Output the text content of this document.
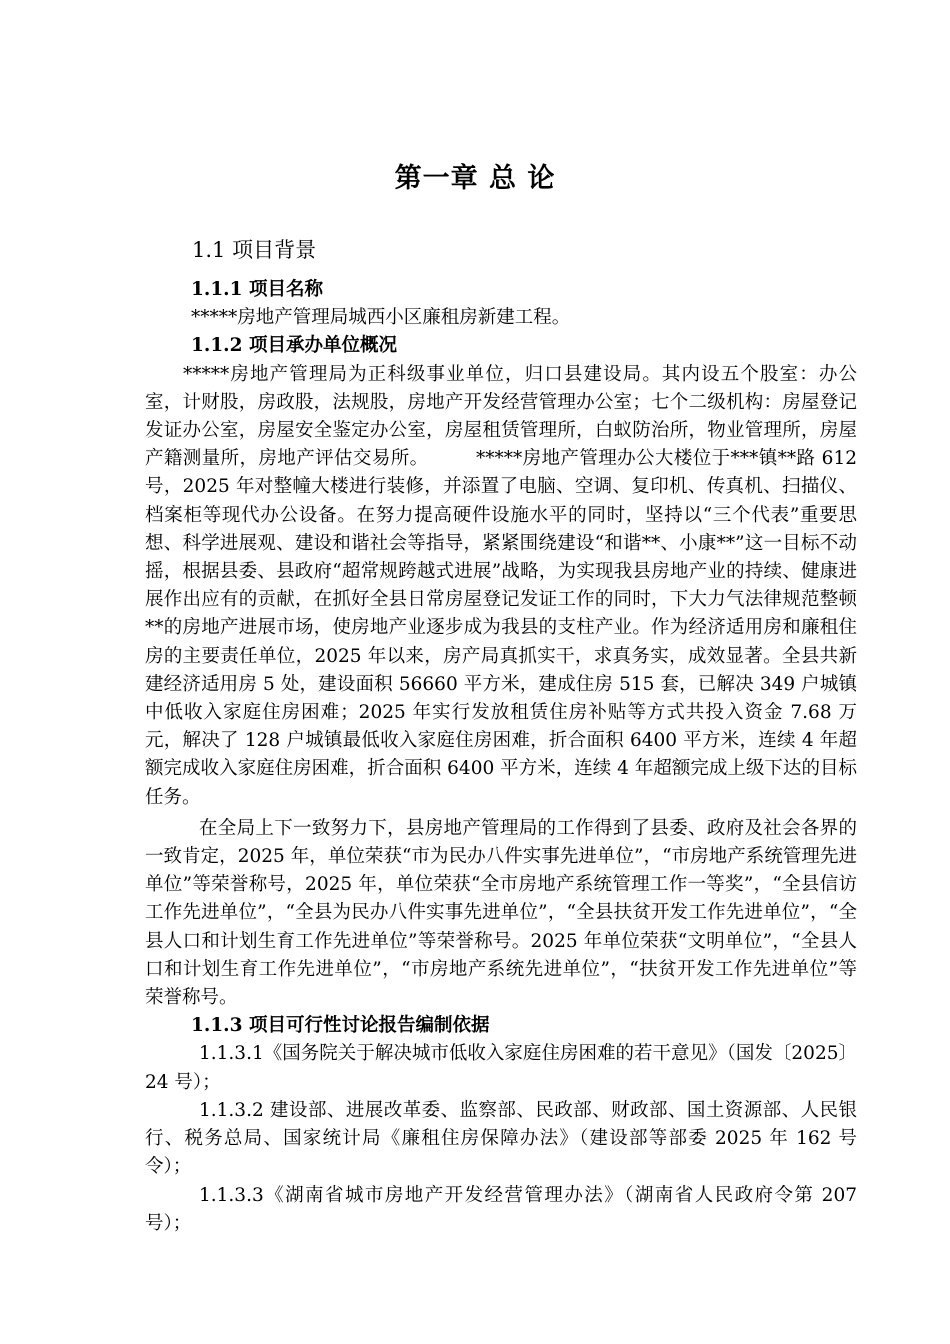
第一章 总 论
1.1 项目背景

1.1.1 项目名称

*****房地产管理局城西小区廉租房新建工程。

1.1.2 项目承办单位概况

*****房地产管理局为正科级事业单位，归口县建设局。其内设五个股室：办公室，计财股，房政股，法规股，房地产开发经营管理办公室；七个二级机构：房屋登记发证办公室，房屋安全鉴定办公室，房屋租赁管理所，白蚁防治所，物业管理所，房屋产籍测量所，房地产评估交易所。　　　*****房地产管理办公大楼位于***镇**路 612 号，2025 年对整幢大楼进行装修，并添置了电脑、空调、复印机、传真机、扫描仪、档案柜等现代办公设备。在努力提高硬件设施水平的同时，坚持以“三个代表”重要思想、科学进展观、建设和谐社会等指导，紧紧围绕建设“和谐**、小康**”这一目标不动摇，根据县委、县政府“超常规跨越式进展”战略，为实现我县房地产业的持续、健康进展作出应有的贡献，在抓好全县日常房屋登记发证工作的同时，下大力气法律规范整顿**的房地产进展市场，使房地产业逐步成为我县的支柱产业。作为经济适用房和廉租住房的主要责任单位，2025 年以来，房产局真抓实干，求真务实，成效显著。全县共新建经济适用房 5 处，建设面积 56660 平方米，建成住房 515 套，已解决 349 户城镇中低收入家庭住房困难；2025 年实行发放租赁住房补贴等方式共投入资金 7.68 万元，解决了 128 户城镇最低收入家庭住房困难，折合面积 6400 平方米，连续 4 年超额完成收入家庭住房困难，折合面积 6400 平方米，连续 4 年超额完成上级下达的目标任务。

在全局上下一致努力下，县房地产管理局的工作得到了县委、政府及社会各界的一致肯定，2025 年，单位荣获“市为民办八件实事先进单位”，“市房地产系统管理先进单位”等荣誉称号，2025 年，单位荣获“全市房地产系统管理工作一等奖”，“全县信访工作先进单位”，“全县为民办八件实事先进单位”，“全县扶贫开发工作先进单位”，“全县人口和计划生育工作先进单位”等荣誉称号。2025 年单位荣获“文明单位”，“全县人口和计划生育工作先进单位”，“市房地产系统先进单位”，“扶贫开发工作先进单位”等荣誉称号。

1.1.3 项目可行性讨论报告编制依据

1.1.3.1《国务院关于解决城市低收入家庭住房困难的若干意见》（国发〔2025〕24 号）；

1.1.3.2 建设部、进展改革委、监察部、民政部、财政部、国土资源部、人民银行、税务总局、国家统计局《廉租住房保障办法》（建设部等部委 2025 年 162 号令）；

1.1.3.3《湖南省城市房地产开发经营管理办法》（湖南省人民政府令第 207 号）；
